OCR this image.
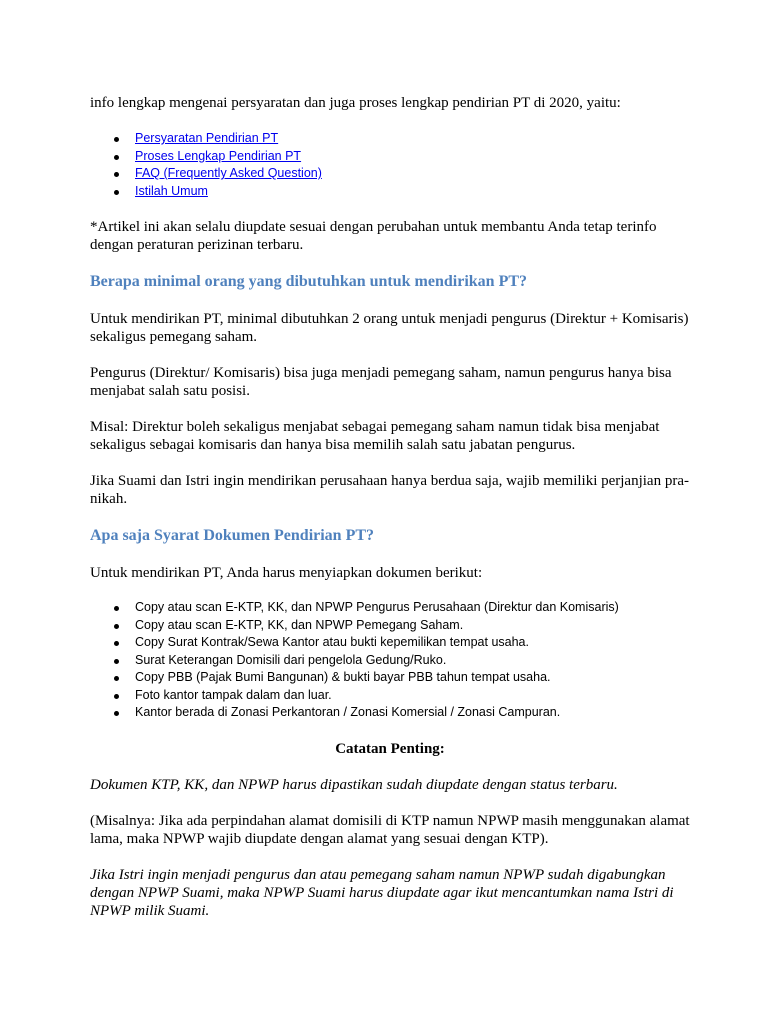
info lengkap mengenai persyaratan dan juga proses lengkap pendirian PT di 2020, yaitu:

Persyaratan Pendirian PT
Proses Lengkap Pendirian PT
FAQ (Frequently Asked Question)
Istilah Umum

*Artikel ini akan selalu diupdate sesuai dengan perubahan untuk membantu Anda tetap terinfo dengan peraturan perizinan terbaru.

Berapa minimal orang yang dibutuhkan untuk mendirikan PT?

Untuk mendirikan PT, minimal dibutuhkan 2 orang untuk menjadi pengurus (Direktur + Komisaris) sekaligus pemegang saham.

Pengurus (Direktur/ Komisaris) bisa juga menjadi pemegang saham, namun pengurus hanya bisa menjabat salah satu posisi.

Misal: Direktur boleh sekaligus menjabat sebagai pemegang saham namun tidak bisa menjabat sekaligus sebagai komisaris dan hanya bisa memilih salah satu jabatan pengurus.

Jika Suami dan Istri ingin mendirikan perusahaan hanya berdua saja, wajib memiliki perjanjian pra-nikah.

Apa saja Syarat Dokumen Pendirian PT?

Untuk mendirikan PT, Anda harus menyiapkan dokumen berikut:

Copy atau scan E-KTP, KK, dan NPWP Pengurus Perusahaan (Direktur dan Komisaris)
Copy atau scan E-KTP, KK, dan NPWP Pemegang Saham.
Copy Surat Kontrak/Sewa Kantor atau bukti kepemilikan tempat usaha.
Surat Keterangan Domisili dari pengelola Gedung/Ruko.
Copy PBB (Pajak Bumi Bangunan) & bukti bayar PBB tahun tempat usaha.
Foto kantor tampak dalam dan luar.
Kantor berada di Zonasi Perkantoran / Zonasi Komersial / Zonasi Campuran.

Catatan Penting:

Dokumen KTP, KK, dan NPWP harus dipastikan sudah diupdate dengan status terbaru.

(Misalnya: Jika ada perpindahan alamat domisili di KTP namun NPWP masih menggunakan alamat lama, maka NPWP wajib diupdate dengan alamat yang sesuai dengan KTP).

Jika Istri ingin menjadi pengurus dan atau pemegang saham namun NPWP sudah digabungkan dengan NPWP Suami, maka NPWP Suami harus diupdate agar ikut mencantumkan nama Istri di NPWP milik Suami.
